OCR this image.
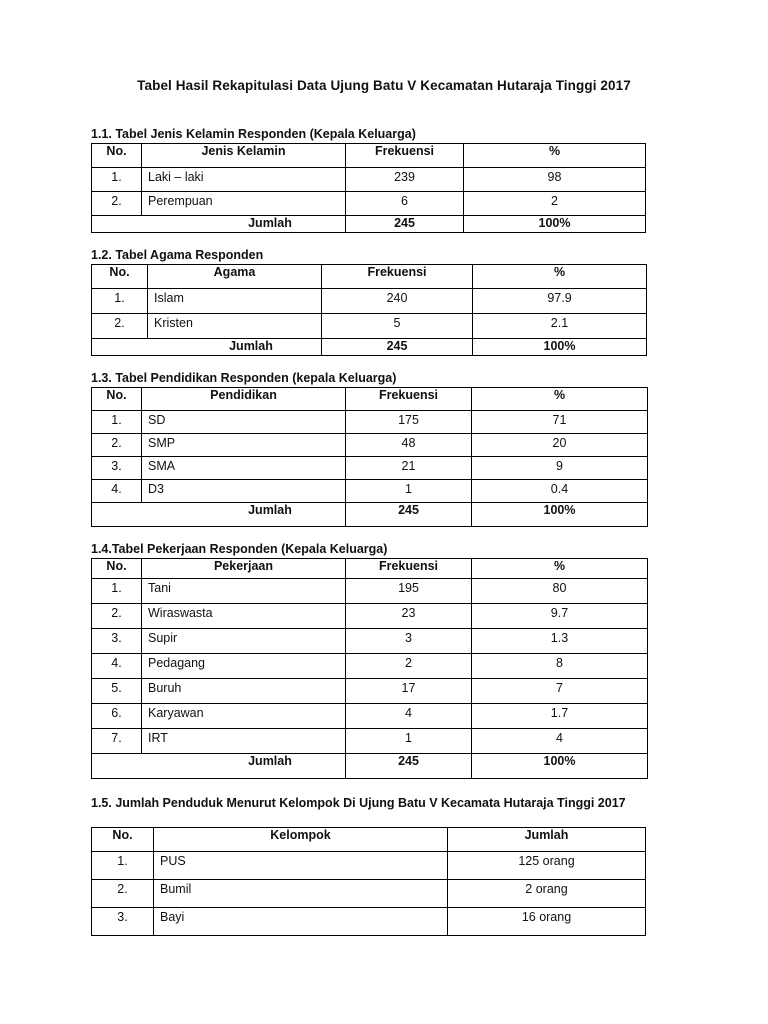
Tabel Hasil Rekapitulasi Data Ujung Batu V Kecamatan Hutaraja Tinggi 2017
1.1. Tabel Jenis Kelamin Responden (Kepala Keluarga)
No.	Jenis Kelamin	Frekuensi	%
1.	Laki – laki	239	98
2.	Perempuan	6	2
Jumlah		245	100%
1.2. Tabel Agama Responden
No.	Agama	Frekuensi	%
1.	Islam	240	97.9
2.	Kristen	5	2.1
Jumlah		245	100%
1.3. Tabel Pendidikan Responden (kepala Keluarga)
No.	Pendidikan	Frekuensi	%
1.	SD	175	71
2.	SMP	48	20
3.	SMA	21	9
4.	D3	1	0.4
Jumlah		245	100%
1.4.Tabel Pekerjaan Responden (Kepala Keluarga)
No.	Pekerjaan	Frekuensi	%
1.	Tani	195	80
2.	Wiraswasta	23	9.7
3.	Supir	3	1.3
4.	Pedagang	2	8
5.	Buruh	17	7
6.	Karyawan	4	1.7
7.	IRT	1	4
Jumlah		245	100%
1.5. Jumlah Penduduk Menurut Kelompok Di Ujung Batu V Kecamata Hutaraja Tinggi 2017
No.	Kelompok	Jumlah
1.	PUS	125 orang
2.	Bumil	2 orang
3.	Bayi	16 orang
